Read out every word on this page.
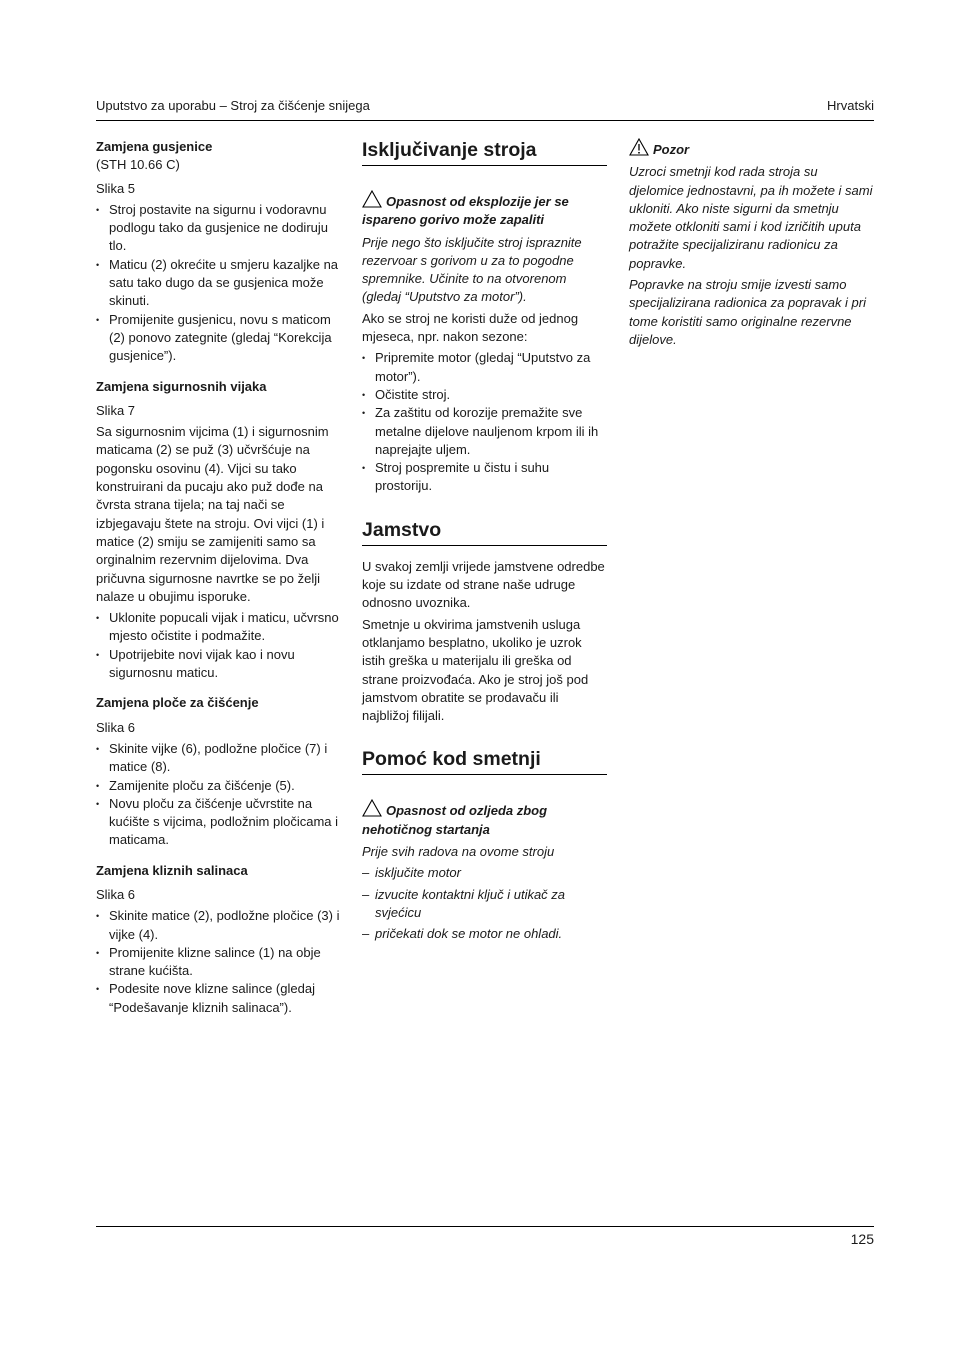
Uputstvo za uporabu – Stroj za čišćenje snijega	Hrvatski

Zamjena gusjenice

(STH 10.66 C)

Slika 5

• Stroj postavite na sigurnu i vodoravnu podlogu tako da gusjenice ne dodiruju tlo.
• Maticu (2) okrećite u smjeru kazaljke na satu tako dugo da se gusjenica može skinuti.
• Promijenite gusjenicu, novu s maticom (2) ponovo zategnite (gledaj “Korekcija gusjenice”).

Zamjena sigurnosnih vijaka

Slika 7

Sa sigurnosnim vijcima (1) i sigurnosnim maticama (2) se puž (3) učvršćuje na pogonsku osovinu (4). Vijci su tako konstruirani da pucaju ako puž dođe na čvrsta strana tijela; na taj nači se izbjegavaju štete na stroju. Ovi vijci (1) i matice (2) smiju se zamijeniti samo sa orginalnim rezervnim dijelovima. Dva pričuvna sigurnosne navrtke se po želji nalaze u obujimu isporuke.

• Uklonite popucali vijak i maticu, učvrsno mjesto očistite i podmažite.
• Upotrijebite novi vijak kao i novu sigurnosnu maticu.

Zamjena ploče za čišćenje

Slika 6

• Skinite vijke (6), podložne pločice (7) i matice (8).
• Zamijenite ploču za čišćenje (5).
• Novu ploču za čišćenje učvrstite na kućište s vijcima, podložnim pločicama i maticama.

Zamjena kliznih salinaca

Slika 6

• Skinite matice (2), podložne pločice (3) i vijke (4).
• Promijenite klizne salince (1) na obje strane kućišta.
• Podesite nove klizne salince (gledaj “Podešavanje kliznih salinaca”).
Isključivanje stroja

Opasnost od eksplozije jer se ispareno gorivo može zapaliti

Prije nego što isključite stroj ispraznite rezervoar s gorivom u za to pogodne spremnike. Učinite to na otvorenom (gledaj “Uputstvo za motor”).

Ako se stroj ne koristi duže od jednog mjeseca, npr. nakon sezone:

• Pripremite motor (gledaj “Uputstvo za motor”).
• Očistite stroj.
• Za zaštitu od korozije premažite sve metalne dijelove nauljenom krpom ili ih naprejajte uljem.
• Stroj pospremite u čistu i suhu prostoriju.
Jamstvo

U svakoj zemlji vrijede jamstvene odredbe koje su izdate od strane naše udruge odnosno uvoznika.

Smetnje u okvirima jamstvenih usluga otklanjamo besplatno, ukoliko je uzrok istih greška u materijalu ili greška od strane proizvođaća. Ako je stroj još pod jamstvom obratite se prodavaču ili najbližoj filijali.

Pomoć kod smetnji

Opasnost od ozljeda zbog nehotičnog startanja

Prije svih radova na ovome stroju

– isključite motor
– izvucite kontaktni ključ i utikač za svjećicu
– pričekati dok se motor ne ohladi.

Pozor

Uzroci smetnji kod rada stroja su djelomice jednostavni, pa ih možete i sami ukloniti. Ako niste sigurni da smetnju možete otkloniti sami i kod izričitih uputa potražite specijaliziranu radionicu za popravke.

Popravke na stroju smije izvesti samo specijalizirana radionica za popravak i pri tome koristiti samo originalne rezervne dijelove.

125
